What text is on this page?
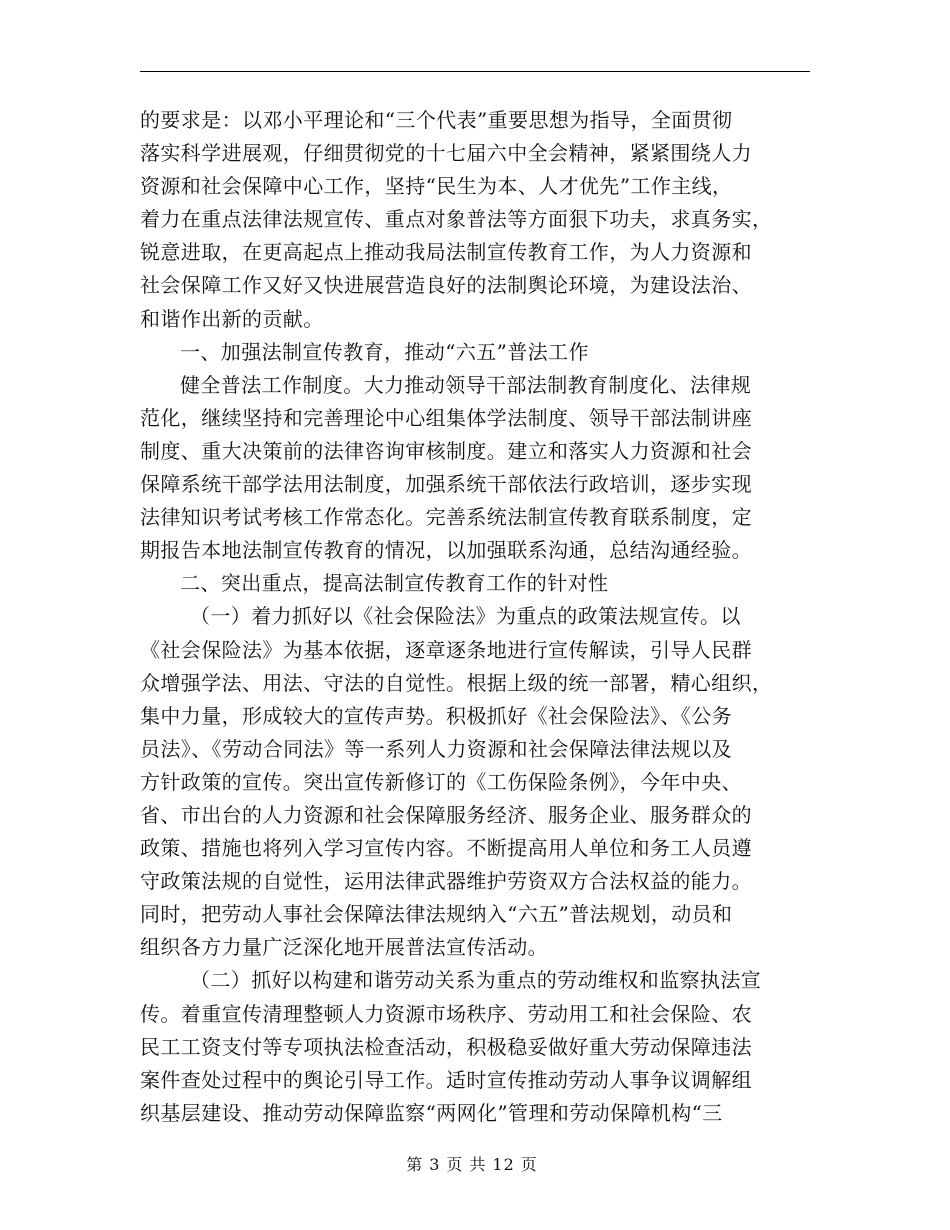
的要求是：以邓小平理论和“三个代表”重要思想为指导，全面贯彻

落实科学进展观，仔细贯彻党的十七届六中全会精神，紧紧围绕人力

资源和社会保障中心工作，坚持“民生为本、人才优先”工作主线，

着力在重点法律法规宣传、重点对象普法等方面狠下功夫，求真务实，

锐意进取，在更高起点上推动我局法制宣传教育工作，为人力资源和

社会保障工作又好又快进展营造良好的法制舆论环境，为建设法治、

和谐作出新的贡献。

一、加强法制宣传教育，推动“六五”普法工作

健全普法工作制度。大力推动领导干部法制教育制度化、法律规

范化，继续坚持和完善理论中心组集体学法制度、领导干部法制讲座

制度、重大决策前的法律咨询审核制度。建立和落实人力资源和社会

保障系统干部学法用法制度，加强系统干部依法行政培训，逐步实现

法律知识考试考核工作常态化。完善系统法制宣传教育联系制度，定

期报告本地法制宣传教育的情况，以加强联系沟通，总结沟通经验。

二、突出重点，提高法制宣传教育工作的针对性

（一）着力抓好以《社会保险法》为重点的政策法规宣传。以

《社会保险法》为基本依据，逐章逐条地进行宣传解读，引导人民群

众增强学法、用法、守法的自觉性。根据上级的统一部署，精心组织，

集中力量，形成较大的宣传声势。积极抓好《社会保险法》、《公务

员法》、《劳动合同法》等一系列人力资源和社会保障法律法规以及

方针政策的宣传。突出宣传新修订的《工伤保险条例》，今年中央、

省、市出台的人力资源和社会保障服务经济、服务企业、服务群众的

政策、措施也将列入学习宣传内容。不断提高用人单位和务工人员遵

守政策法规的自觉性，运用法律武器维护劳资双方合法权益的能力。

同时，把劳动人事社会保障法律法规纳入“六五”普法规划，动员和

组织各方力量广泛深化地开展普法宣传活动。

（二）抓好以构建和谐劳动关系为重点的劳动维权和监察执法宣

传。着重宣传清理整顿人力资源市场秩序、劳动用工和社会保险、农

民工工资支付等专项执法检查活动，积极稳妥做好重大劳动保障违法

案件查处过程中的舆论引导工作。适时宣传推动劳动人事争议调解组

织基层建设、推动劳动保障监察“两网化”管理和劳动保障机构“三

第 3 页 共 12 页
